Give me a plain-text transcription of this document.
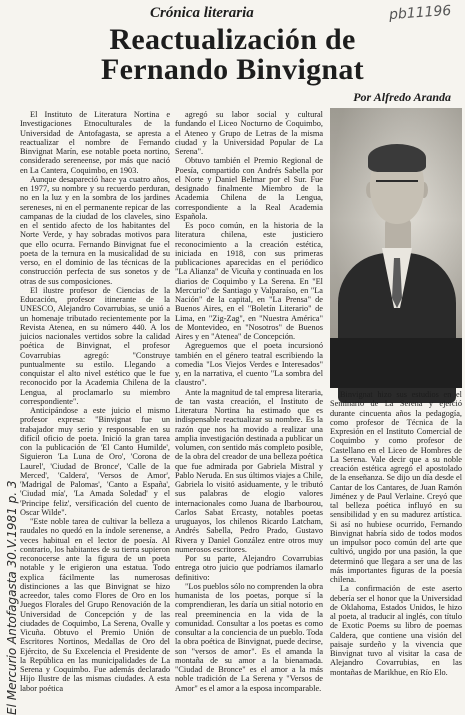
Crónica literaria	pb11196
Reactualización de
Fernando Binvignat
Por Alfredo Aranda

El Instituto de Literatura Nortina e Investigaciones Etnoculturales de la Universidad de Antofagasta, se apresta a reactualizar el nombre de Fernando Binvignat Marín, ese notable poeta nortino, considerado sereneense, por más que nació en La Cantera, Coquimbo, en 1903.

Aunque desapareció hace ya cuatro años, en 1977, su nombre y su recuerdo perduran, no en la luz y en la sombra de los jardines sereneses, ni en el permanente repicar de las campanas de la ciudad de los claveles, sino en el sentido afecto de los habitantes del Norte Verde, y hay sobradas motivos para que ello ocurra. Fernando Binvignat fue el poeta de la ternura en la musicalidad de su verso, en el dominio de las técnicas de la construcción perfecta de sus sonetos y de otras de sus composiciones.

El ilustre profesor de Ciencias de la Educación, profesor itinerante de la UNESCO, Alejandro Covarrubias, se unió a un homenaje tributado recientemente por la Revista Atenea, en su número 440. A los juicios nacionales vertidos sobre la calidad poética de Binvignat, el profesor Covarrubias agregó: "Construye puntualmente su estilo. Llegando a conquistar el alto nivel estético que le fue reconocido por la Academia Chilena de la Lengua, al proclamarlo su miembro correspondiente".

Anticipándose a este juicio el mismo profesor expresa: "Binvignat fue un trabajador muy serio y responsable en su difícil oficio de poeta. Inició la gran tarea con la publicación de 'El Canto Humilde', Siguieron 'La Luna de Oro', 'Corona de Laurel', 'Ciudad de Bronce', 'Calle de la Merced', 'Caldera', 'Versos de Amor', 'Madrigal de Palomas', 'Canto a España', 'Ciudad mía', 'La Amada Soledad' y el 'Principe feliz', versificación del cuento de Oscar Wilde".

"Este noble tarea de cultivar la belleza a raudales no quedó en la índole serenense, a veces habitual en el lector de poesía. Al contrario, los habitantes de su tierra supieron reconocerse ante la figura de un poeta notable y le erigieron una estatua. Todo explica fácilmente las numerosas distinciones a las que Binvignat se hizo acreedor, tales como Flores de Oro en los Juegos Florales del Grupo Renovación de la Universidad de Concepción y de las ciudades de Coquimbo, La Serena, Ovalle y Vicuña. Obtuvo el Premio Unión de Escritores Nortinos, Medallas de Oro del Ejército, de Su Excelencia el Presidente de la República en las municipalidades de La Serena y Coquimbo. Fue además declarado Hijo Ilustre de las mismas ciudades. A esta labor poética

agregó su labor social y cultural fundando el Liceo Nocturno de Coquimbo, el Ateneo y Grupo de Letras de la misma ciudad y la Universidad Popular de La Serena".

Obtuvo también el Premio Regional de Poesía, compartido con Andrés Sabella por el Norte y Daniel Belmar por el Sur. Fue designado finalmente Miembro de la Academia Chilena de la Lengua, correspondiente a la Real Academia Española.

Es poco común, en la historia de la literatura chilena, este justiciero reconocimiento a la creación estética, iniciada en 1918, con sus primeras publicaciones aparecidas en el periódico "La Alianza" de Vicuña y continuada en los diarios de Coquimbo y La Serena. En "El Mercurio" de Santiago y Valparaíso, en "La Nación" de la capital, en "La Prensa" de Buenos Aires, en el "Boletín Literario" de Lima, en "Zig-Zag", en "Nuestra América" de Montevideo, en "Nosotros" de Buenos Aires y en "Atenea" de Concepción.

Agreguemos que el poeta incursionó también en el género teatral escribiendo la comedia "Los Viejos Verdes e Interesados" y, en la narrativa, el cuento "La sombra del claustro".

Ante la magnitud de tal empresa literaria, de tan vasta creación, el Instituto de Literatura Nortina ha estimado que es indispensable reactualizar su nombre. Es la razón que nos ha movido a realizar una amplia investigación destinada a publicar un volumen, con sentido más completo posible, de la obra del creador de una belleza poética que fue admirada por Gabriela Mistral y Pablo Neruda. En sus últimos viajes a Chile, Gabriela lo visitó asiduamente, y le tributó sus palabras de elogio valores internacionales como Juana de Ibarbourou, Carlos Sabat Ercasty, notables poetas uruguayos, los chilenos Ricardo Latcham, Andrés Sabella, Pedro Prado, Gustavo Rivera y Daniel González entre otros muy numerosos escritores.

Por su parte, Alejandro Covarrubias entrega otro juicio que podríamos ilamarlo definitivo:

"Los pueblos sólo no comprenden la obra humanista de los poetas, porque sí la comprendieran, les daría un sitial notorio en real preeminencia en la vida de la comunidad. Consultar a los poetas es como consultar a la conciencia de un pueblo. Toda la obra poética de Binvignat, puede decirse, son "versos de amor". Es el amanda la montaña de su amor a la bienamada. "Ciudad de Bronce" es el amor a la más noble tradición de La Serena y "Versos de Amor" es el amor a la esposa incomparable.

Binvignat hizo sus estudios en el Seminario de La Serena y ejerció durante cincuenta años la pedagogía, como profesor de Técnica de la Expresión en el Instituto Comercial de Coquimbo y como profesor de Castellano en el Liceo de Hombres de La Serena. Vale decir que a su noble creación estética agregó el apostolado de la enseñanza. Se dijo un día desde el Cantar de los Cantares, de Juan Ramón Jiménez y de Paul Verlaine. Creyó que tal belleza poética influyó en su sensibilidad y en su madurez artística. Si así no hubiese ocurrido, Fernando Binvignat habría sido de todos modos un impulsor poco común del arte que cultivó, ungido por una pasión, la que determinó que llegara a ser una de las más importantes figuras de la poesía chilena.

La confirmación de este aserto debería ser el honor que la Universidad de Oklahoma, Estados Unidos, le hizo al poeta, al traducir al inglés, con título de Exotic Poems su libro de poemas Caldera, que contiene una visión del paisaje surdeño y la vivencia que Binvignat tuvo al visitar la casa de Alejandro Covarrubias, en las montañas de Marikhue, en Río Elo.

El Mercurio Antofagasta 30.V.1981 p. 3
